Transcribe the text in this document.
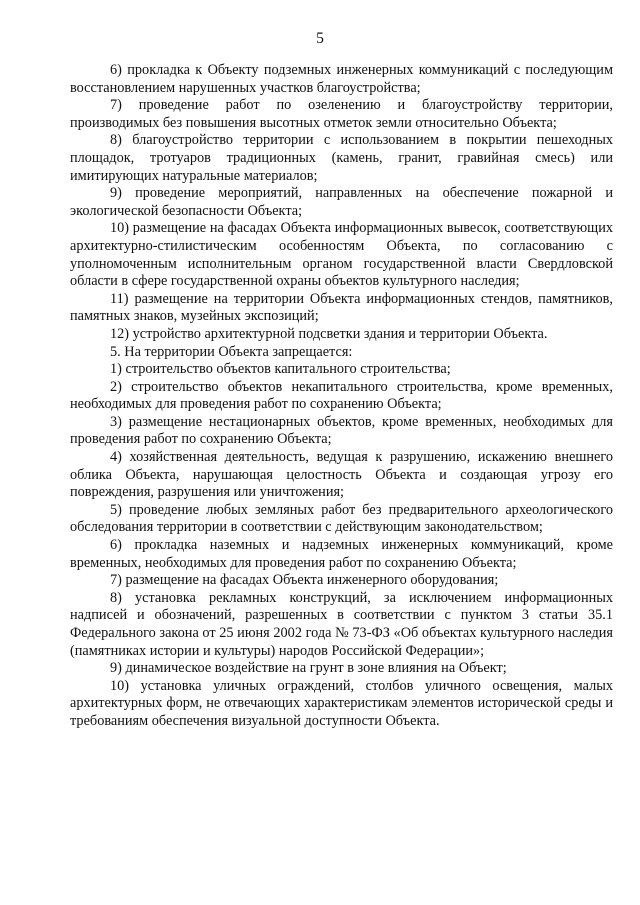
5

6) прокладка к Объекту подземных инженерных коммуникаций с последующим восстановлением нарушенных участков благоустройства;

7) проведение работ по озеленению и благоустройству территории, производимых без повышения высотных отметок земли относительно Объекта;

8) благоустройство территории с использованием в покрытии пешеходных площадок, тротуаров традиционных (камень, гранит, гравийная смесь) или имитирующих натуральные материалов;

9) проведение мероприятий, направленных на обеспечение пожарной и экологической безопасности Объекта;

10) размещение на фасадах Объекта информационных вывесок, соответствующих архитектурно-стилистическим особенностям Объекта, по согласованию с уполномоченным исполнительным органом государственной власти Свердловской области в сфере государственной охраны объектов культурного наследия;

11) размещение на территории Объекта информационных стендов, памятников, памятных знаков, музейных экспозиций;

12) устройство архитектурной подсветки здания и территории Объекта.

5. На территории Объекта запрещается:

1) строительство объектов капитального строительства;

2) строительство объектов некапитального строительства, кроме временных, необходимых для проведения работ по сохранению Объекта;

3) размещение нестационарных объектов, кроме временных, необходимых для проведения работ по сохранению Объекта;

4) хозяйственная деятельность, ведущая к разрушению, искажению внешнего облика Объекта, нарушающая целостность Объекта и создающая угрозу его повреждения, разрушения или уничтожения;

5) проведение любых земляных работ без предварительного археологического обследования территории в соответствии с действующим законодательством;

6) прокладка наземных и надземных инженерных коммуникаций, кроме временных, необходимых для проведения работ по сохранению Объекта;

7) размещение на фасадах Объекта инженерного оборудования;

8) установка рекламных конструкций, за исключением информационных надписей и обозначений, разрешенных в соответствии с пунктом 3 статьи 35.1 Федерального закона от 25 июня 2002 года № 73-ФЗ «Об объектах культурного наследия (памятниках истории и культуры) народов Российской Федерации»;

9) динамическое воздействие на грунт в зоне влияния на Объект;

10) установка уличных ограждений, столбов уличного освещения, малых архитектурных форм, не отвечающих характеристикам элементов исторической среды и требованиям обеспечения визуальной доступности Объекта.
